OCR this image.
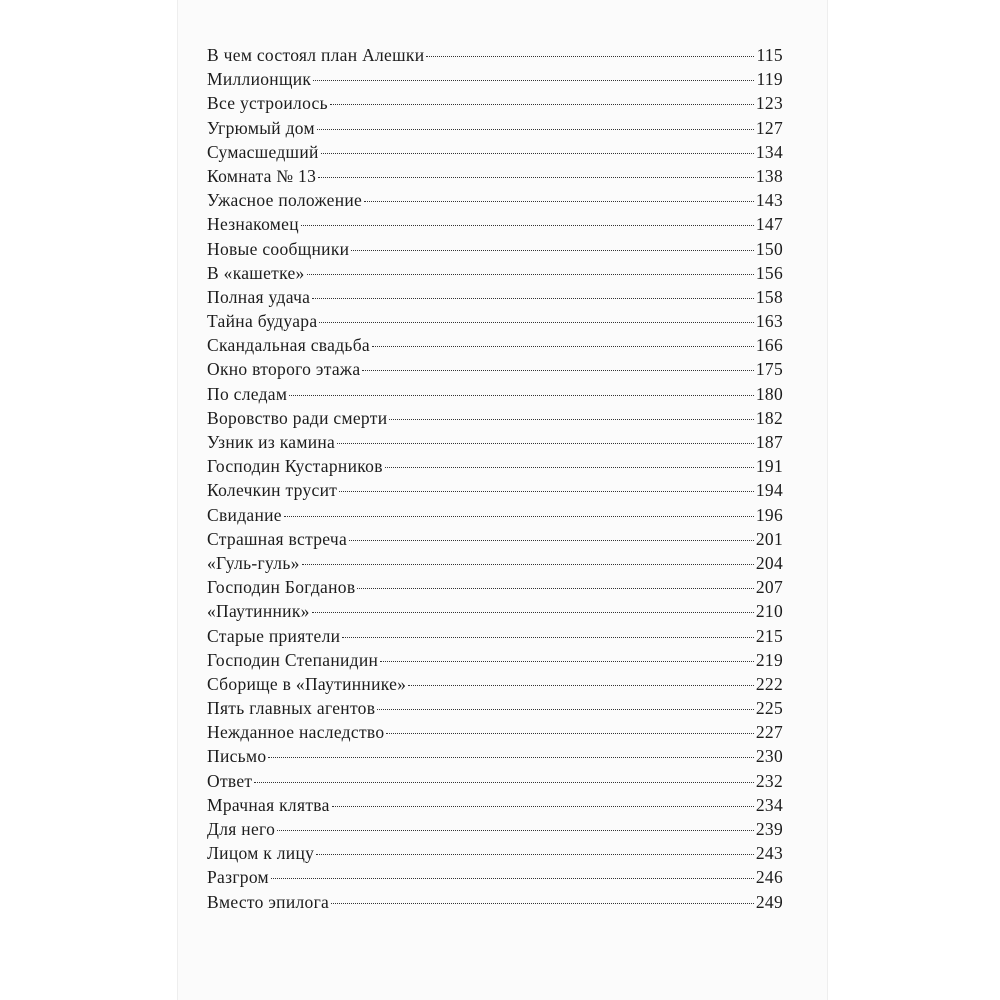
В чем состоял план Алешки	115
Миллионщик	119
Все устроилось	123
Угрюмый дом	127
Сумасшедший	134
Комната № 13	138
Ужасное положение	143
Незнакомец	147
Новые сообщники	150
В «кашетке»	156
Полная удача	158
Тайна будуара	163
Скандальная свадьба	166
Окно второго этажа	175
По следам	180
Воровство ради смерти	182
Узник из камина	187
Господин Кустарников	191
Колечкин трусит	194
Свидание	196
Страшная встреча	201
«Гуль-гуль»	204
Господин Богданов	207
«Паутинник»	210
Старые приятели	215
Господин Степанидин	219
Сборище в «Паутиннике»	222
Пять главных агентов	225
Нежданное наследство	227
Письмо	230
Ответ	232
Мрачная клятва	234
Для него	239
Лицом к лицу	243
Разгром	246
Вместо эпилога	249
